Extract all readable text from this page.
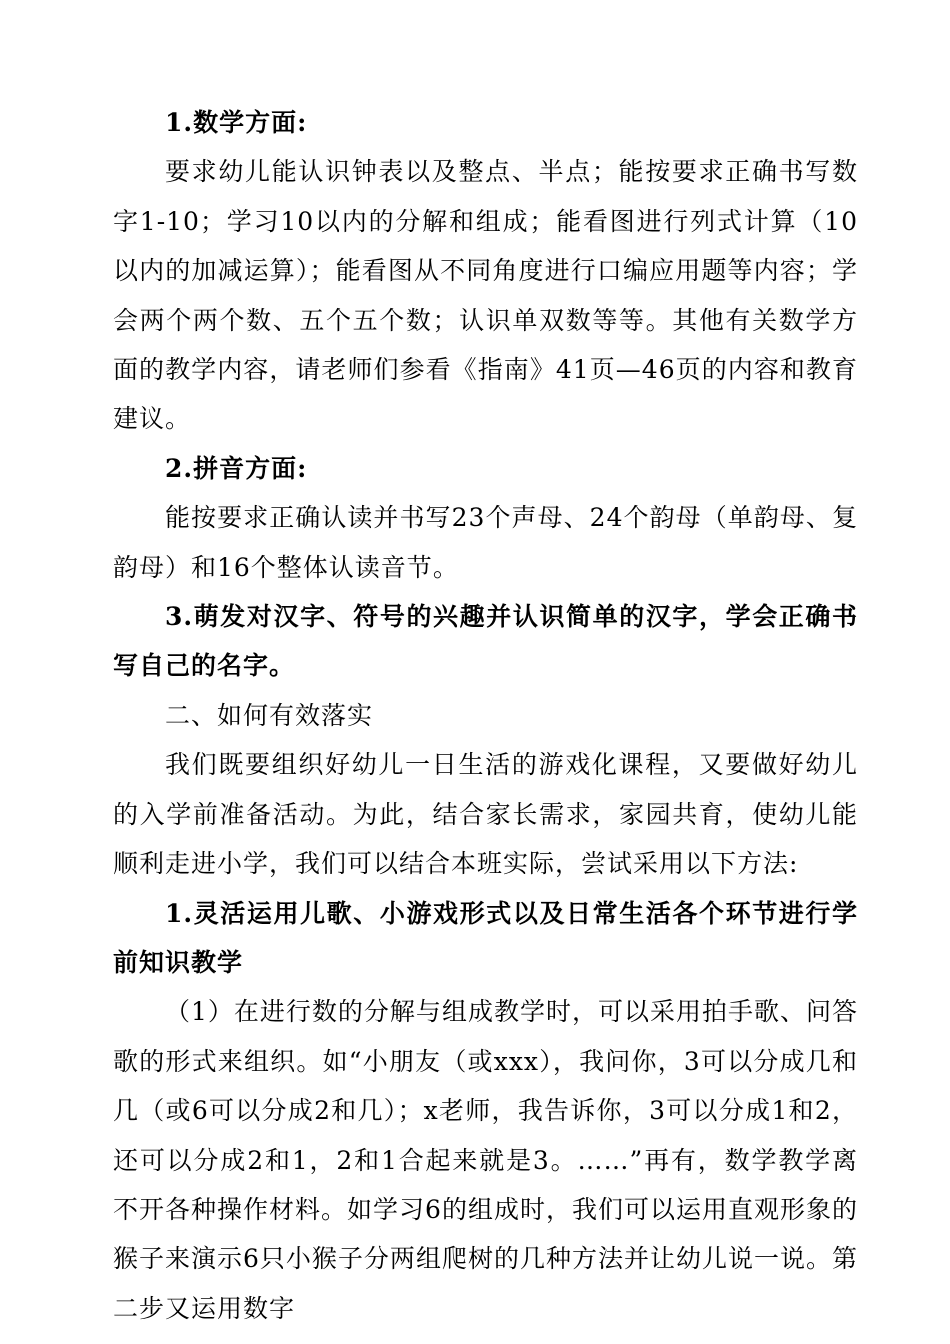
1.数学方面:

要求幼儿能认识钟表以及整点、半点；能按要求正确书写数字1-10；学习10以内的分解和组成；能看图进行列式计算（10以内的加减运算）；能看图从不同角度进行口编应用题等内容；学会两个两个数、五个五个数；认识单双数等等。其他有关数学方面的教学内容，请老师们参看《指南》41页—46页的内容和教育建议。

2.拼音方面:

能按要求正确认读并书写23个声母、24个韵母（单韵母、复韵母）和16个整体认读音节。

3.萌发对汉字、符号的兴趣并认识简单的汉字，学会正确书写自己的名字。

二、如何有效落实

我们既要组织好幼儿一日生活的游戏化课程，又要做好幼儿的入学前准备活动。为此，结合家长需求，家园共育，使幼儿能顺利走进小学，我们可以结合本班实际，尝试采用以下方法:

1.灵活运用儿歌、小游戏形式以及日常生活各个环节进行学前知识教学

（1）在进行数的分解与组成教学时，可以采用拍手歌、问答歌的形式来组织。如“小朋友（或xxx），我问你，3可以分成几和几（或6可以分成2和几）；x老师，我告诉你，3可以分成1和2，还可以分成2和1，2和1合起来就是3。……”再有，数学教学离不开各种操作材料。如学习6的组成时，我们可以运用直观形象的猴子来演示6只小猴子分两组爬树的几种方法并让幼儿说一说。第二步又运用数字
